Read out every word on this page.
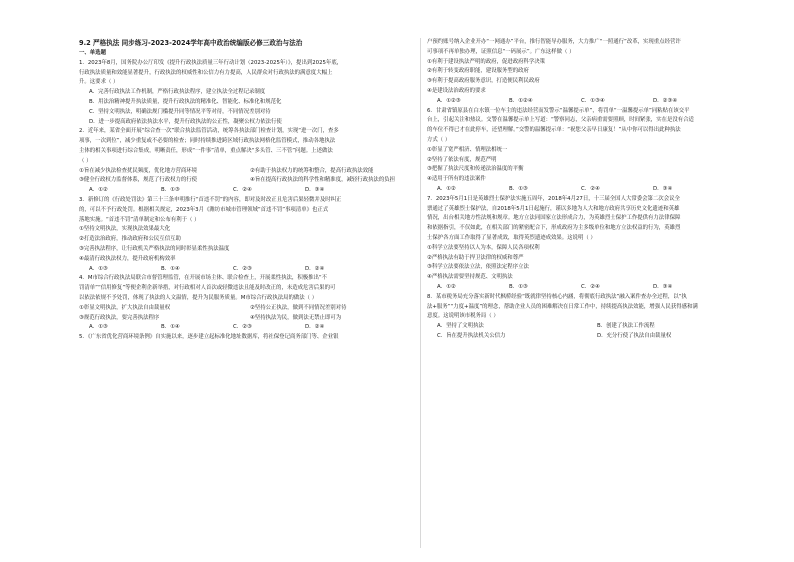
9.2 严格执法 同步练习-2023-2024学年高中政治统编版必修三政治与法治
一、单选题

1．2023年8月，国务院办公厅印发《提升行政执法质量三年行动计划（2023-2025年）》，提出到2025年底，

行政执法质量和效能显著提升，行政执法的权威性和公信力有力提高，人民群众对行政执法的满意度大幅上

升。这要求（ ）

A．完善行政执法工作机制，严格行政执法程序，建立执法全过程记录制度

B．用法治精神提升执法质量，提升行政执法的精准化、智能化、标准化和规范化

C．坚持文明执法，明确法规门槛提升同等情况平等对待，不同情况差别对待

D．进一步提高政府依法执法水平，提升行政执法的公正性，凝聚公权力依法行使

2．近年来，某省全面开展“综合查一次”联合执法监管活动，统筹各执法部门检查计划，实现“进一次门，查多

项事，一次到位”，减少重复或不必要的检查；同时持续推进跨区域行政执法网格化监管模式，推动各地执法

主体的相关事项进行综合集成，明晰责任，形成“一件事”清单，重点解决“多头管、三不管”问题。上述做法

（ ）

①旨在减少执法检查扰民频度，优化地方营商环境	②有助于执法权力的统筹和整合，提高行政执法效能
③健全行政权力监督体系，规范了行政权力的行使	④旨在提高行政执法的科学性和精准度，减轻行政执法的负担
A．①②	B．①③	C．②④	D．③④

3．新修订的《行政处罚法》第三十三条申明推行“首违不罚”的内容，即对及时改正且危害后果轻微并及时纠正

的，可以不予行政处罚。根据相关规定，2023年3月《潍坊市城市管理领域“首违不罚”事项清单》也正式

落地实施。“首违不罚”清单制定和公布有利于（ ）

①坚持文明执法，实现执法效果最大化

②打造法治政府，推动政府和公民互信互助

③完善执法程序，让行政机关严格执法的同时彰显柔性执法温度

④最清行政执法权力，提升政府机构效率

A．①③	B．①④	C．②③	D．②④

4．M市综合行政执法局联合市督管理监管，在开展市场主体、联合检查上，开展柔性执法，积极推出“不

罚清单”“信用修复”等便企利企新举措，对行政相对人首次或轻微违法且能及时改正的，未造成危害后果的可

以依法依规不予处罚，体现了执法的人文温情，提升为民服务质量。M市综合行政执法局的做法（ ）

①彰显文明执法，扩大执法自由裁量权	②坚持公正执法，做到不同情况差别对待
③规范行政执法，要完善执法程序	④坚持执法为民，做到法无禁止即可为
A．①③	B．①④	C．②③	D．②④

5．《广东省优化营商环境条例》自实施以来，逐步建立起标准化地址数据库，将社保登记商务部门等、企业银

户预约账号纳入企业开办“一网通办”平台，推行智能导办服务，大力推广“一照通行”改革，实现重点经营许

可事项不再单独办理，证照信息“一码展示”。广东这样做（ ）

①有利于建设执法严明的政府，促进政府科学决策

②有利于转变政府职能，建设服务型的政府

③有利于提高政府服务意识，打造便民利民政府

④是建设法治政府的要求

A．①②③	B．①②④	C．①③④	D．②③④

6．甘肃省镇原县在白水镇一位车主的违法经营而发警示“温馨提示单”，将罚单“一温馨提示单”同粘贴在该交平

台上，引起关注和热议。交警在温馨提示单上写道：“警察同志，父亲病重需要照顾，时间紧张，实在是没有合适

的车位不得已才在此停车，还望理解。”交警的温馨提示单：“祝您父亲早日康复！”从中你可以得出此种执法

方式（ ）

①彰显了宽严相济、情理法相统一

②坚持了依法有度，规范严明

③把握了执法尺度和传递法治温度的平衡

④适用于所有的违法案件

A．①②	B．①③	C．②④	D．③④

7．2023年5月1日是英雄烈士保护法实施五周年，2018年4月27日，十三届全国人大常委会第二次会议全

票通过了英雄烈士保护法，自2018年5月1日起施行，谨以多地为人大和地方政府共享历史文化遗迹和英雄

情况，出台相关地方性法规和规章。地方立法同国家立法形成合力，为英雄烈士保护工作提供有力法律保障

和依据指引，不仅如此，在相关部门的紧密配合下，形成政府为主多级单位和地方立法权益的行为，英雄烈

士保护各方面工作取得了显著成效，取得英烈遗迹成效果。这说明（ ）

①科学立法要坚持以人为本，保障人民各项权利

②严格执法有助于捍卫法律的权威和尊严

③科学立法要依法立法，依照法定程序立法

④严格执法需要坚持规范、文明执法

A．①②	B．①③	C．②④	D．③④

8．某市税务局充分落实新时代枫桥经验“既就律坚持核心内涵，将彻底行政执法”融入案件查办全过程，以“执

法+服务”“力度+温度”的理念，帮助企业人员的困难解决在日常工作中，持续提高执法效能，增强人民获得感和满

意度。这说明该市税务局（ ）

A．坚持了文明执法	B．创建了执法工作流程
C．旨在提升执法机关公信力	D．充分行使了执法自由裁量权
